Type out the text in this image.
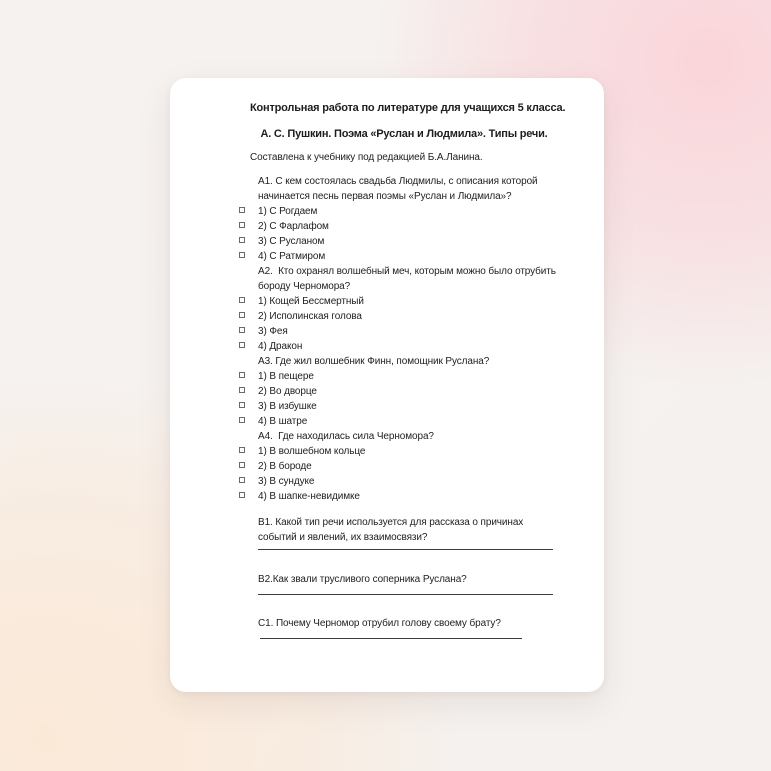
Контрольная работа по литературе для учащихся 5 класса.
А. С. Пушкин. Поэма «Руслан и Людмила». Типы речи.

Составлена к учебнику под редакцией Б.А.Ланина.

А1. С кем состоялась свадьба Людмилы, с описания которой начинается песнь первая поэмы «Руслан и Людмила»?
1) С Рогдаем
2) С Фарлафом
3) С Русланом
4) С Ратмиром
А2.  Кто охранял волшебный меч, которым можно было отрубить бороду Черномора?
1) Кощей Бессмертный
2) Исполинская голова
3) Фея
4) Дракон
А3. Где жил волшебник Финн, помощник Руслана?
1) В пещере
2) Во дворце
3) В избушке
4) В шатре
А4.  Где находилась сила Черномора?
1) В волшебном кольце
2) В бороде
3) В сундуке
4) В шапке-невидимке
В1. Какой тип речи используется для рассказа о причинах событий и явлений, их взаимосвязи?
В2.Как звали трусливого соперника Руслана?
С1. Почему Черномор отрубил голову своему брату?
